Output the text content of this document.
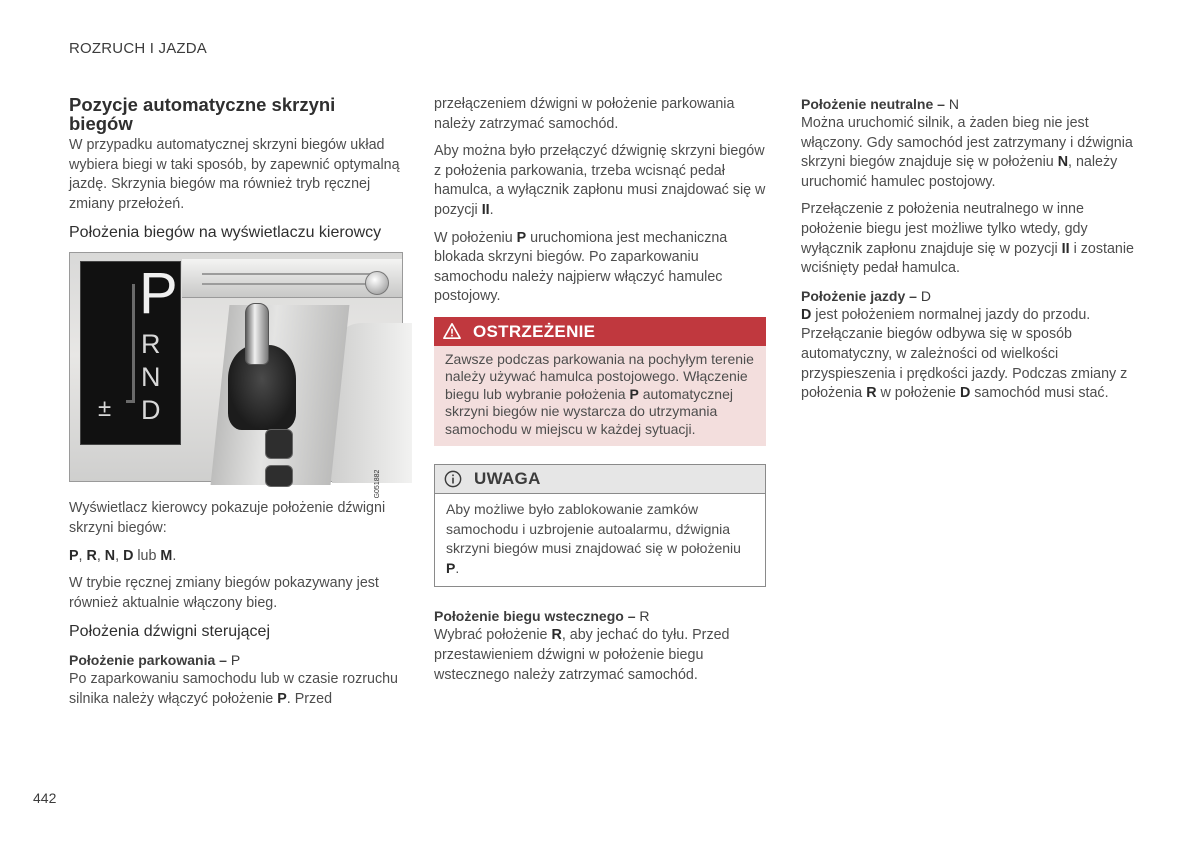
ROZRUCH I JAZDA
Pozycje automatyczne skrzyni biegów

W przypadku automatycznej skrzyni biegów układ wybiera biegi w taki sposób, by zapewnić optymalną jazdę. Skrzynia biegów ma również tryb ręcznej zmiany przełożeń.

Położenia biegów na wyświetlaczu kierowcy
P
R
N
D
±
G051882

Wyświetlacz kierowcy pokazuje położenie dźwigni skrzyni biegów:

P, R, N, D lub M.

W trybie ręcznej zmiany biegów pokazywany jest również aktualnie włączony bieg.

Położenia dźwigni sterującej
Położenie parkowania – P

Po zaparkowaniu samochodu lub w czasie rozruchu silnika należy włączyć położenie P. Przed

przełączeniem dźwigni w położenie parkowania należy zatrzymać samochód.

Aby można było przełączyć dźwignię skrzyni biegów z położenia parkowania, trzeba wcisnąć pedał hamulca, a wyłącznik zapłonu musi znajdować się w pozycji II.

W położeniu P uruchomiona jest mechaniczna blokada skrzyni biegów. Po zaparkowaniu samochodu należy najpierw włączyć hamulec postojowy.

OSTRZEŻENIE
Zawsze podczas parkowania na pochyłym terenie należy używać hamulca postojowego. Włączenie biegu lub wybranie położenia P automatycznej skrzyni biegów nie wystarcza do utrzymania samochodu w miejscu w każdej sytuacji.
UWAGA
Aby możliwe było zablokowanie zamków samochodu i uzbrojenie autoalarmu, dźwignia skrzyni biegów musi znajdować się w położeniu P.
Położenie biegu wstecznego – R

Wybrać położenie R, aby jechać do tyłu. Przed przestawieniem dźwigni w położenie biegu wstecznego należy zatrzymać samochód.

Położenie neutralne – N

Można uruchomić silnik, a żaden bieg nie jest włączony. Gdy samochód jest zatrzymany i dźwignia skrzyni biegów znajduje się w położeniu N, należy uruchomić hamulec postojowy.

Przełączenie z położenia neutralnego w inne położenie biegu jest możliwe tylko wtedy, gdy wyłącznik zapłonu znajduje się w pozycji II i zostanie wciśnięty pedał hamulca.

Położenie jazdy – D

D jest położeniem normalnej jazdy do przodu. Przełączanie biegów odbywa się w sposób automatyczny, w zależności od wielkości przyspieszenia i prędkości jazdy. Podczas zmiany z położenia R w położenie D samochód musi stać.

442
